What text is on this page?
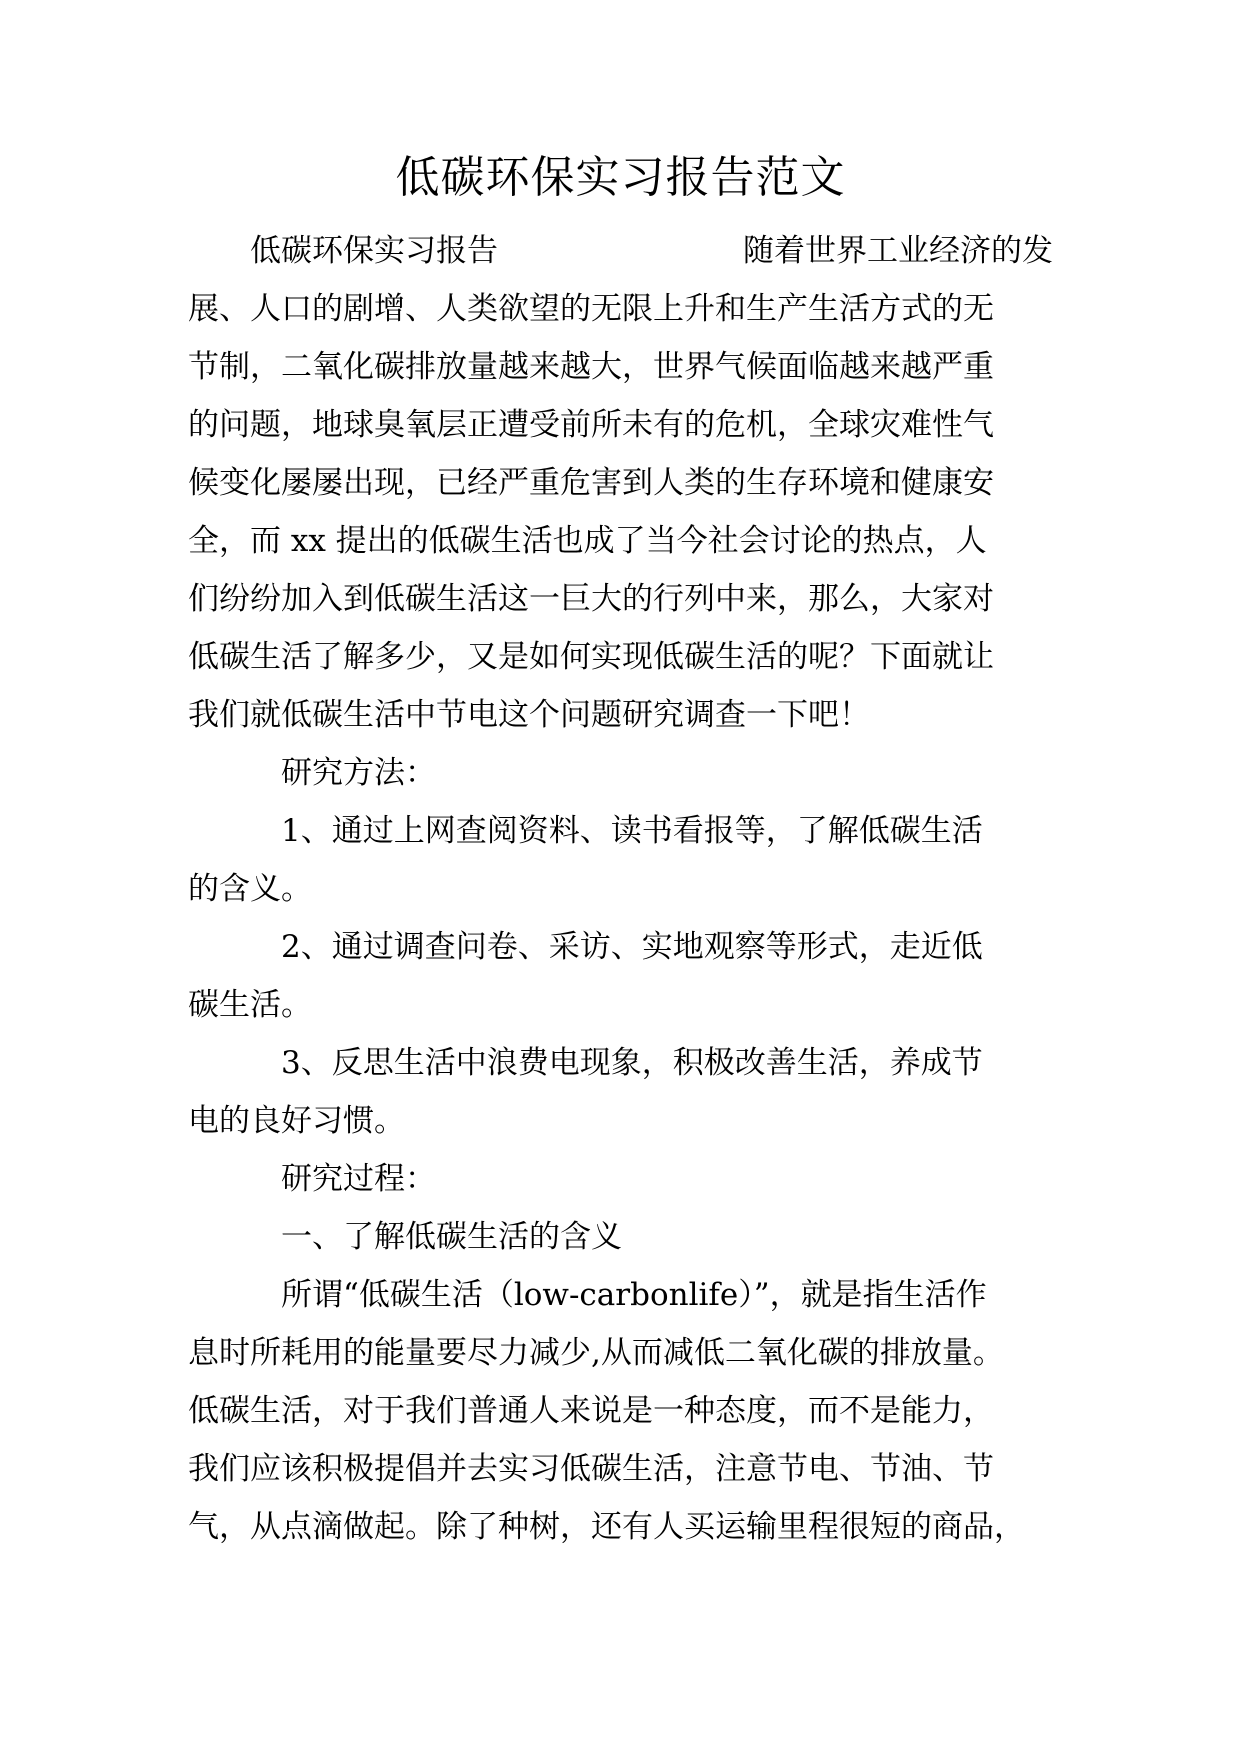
低碳环保实习报告范文
低碳环保实习报告	随着世界工业经济的发
展、人口的剧增、人类欲望的无限上升和生产生活方式的无
节制，二氧化碳排放量越来越大，世界气候面临越来越严重
的问题，地球臭氧层正遭受前所未有的危机，全球灾难性气
候变化屡屡出现，已经严重危害到人类的生存环境和健康安
全，而 xx 提出的低碳生活也成了当今社会讨论的热点，人
们纷纷加入到低碳生活这一巨大的行列中来，那么，大家对
低碳生活了解多少，又是如何实现低碳生活的呢？下面就让
我们就低碳生活中节电这个问题研究调查一下吧！
研究方法：
1、通过上网查阅资料、读书看报等，了解低碳生活
的含义。
2、通过调查问卷、采访、实地观察等形式，走近低
碳生活。
3、反思生活中浪费电现象，积极改善生活，养成节
电的良好习惯。
研究过程：
一、了解低碳生活的含义
所谓“低碳生活（low-carbonlife）”，就是指生活作
息时所耗用的能量要尽力减少,从而减低二氧化碳的排放量。
低碳生活，对于我们普通人来说是一种态度，而不是能力，
我们应该积极提倡并去实习低碳生活，注意节电、节油、节
气，从点滴做起。除了种树，还有人买运输里程很短的商品，
